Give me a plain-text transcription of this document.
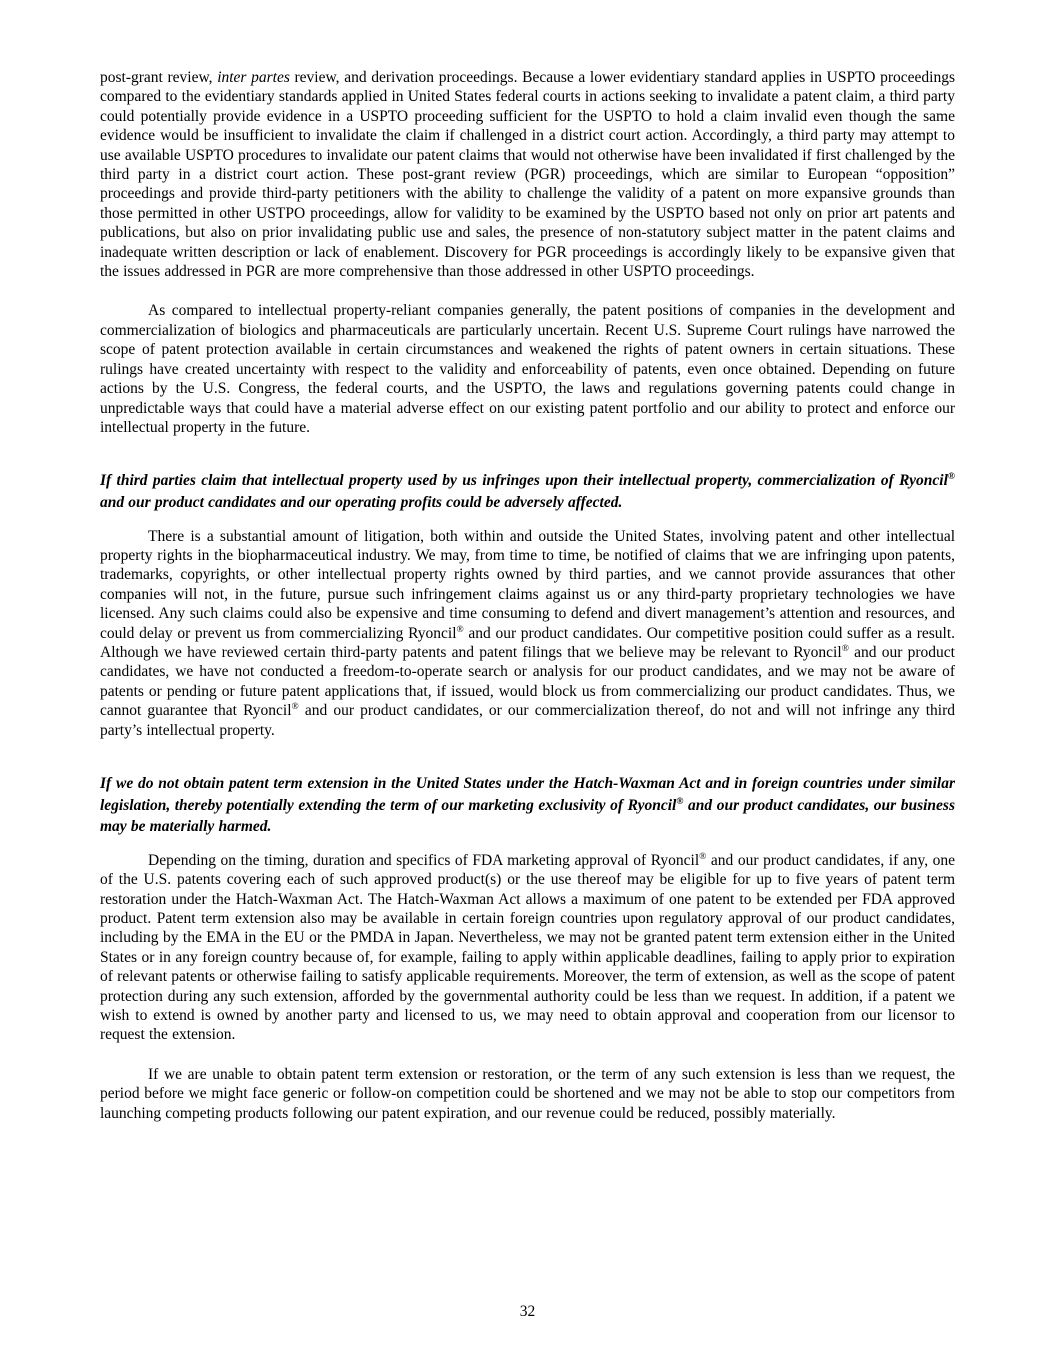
post-grant review, inter partes review, and derivation proceedings. Because a lower evidentiary standard applies in USPTO proceedings compared to the evidentiary standards applied in United States federal courts in actions seeking to invalidate a patent claim, a third party could potentially provide evidence in a USPTO proceeding sufficient for the USPTO to hold a claim invalid even though the same evidence would be insufficient to invalidate the claim if challenged in a district court action. Accordingly, a third party may attempt to use available USPTO procedures to invalidate our patent claims that would not otherwise have been invalidated if first challenged by the third party in a district court action. These post-grant review (PGR) proceedings, which are similar to European “opposition” proceedings and provide third-party petitioners with the ability to challenge the validity of a patent on more expansive grounds than those permitted in other USTPO proceedings, allow for validity to be examined by the USPTO based not only on prior art patents and publications, but also on prior invalidating public use and sales, the presence of non-statutory subject matter in the patent claims and inadequate written description or lack of enablement. Discovery for PGR proceedings is accordingly likely to be expansive given that the issues addressed in PGR are more comprehensive than those addressed in other USPTO proceedings.

As compared to intellectual property-reliant companies generally, the patent positions of companies in the development and commercialization of biologics and pharmaceuticals are particularly uncertain. Recent U.S. Supreme Court rulings have narrowed the scope of patent protection available in certain circumstances and weakened the rights of patent owners in certain situations. These rulings have created uncertainty with respect to the validity and enforceability of patents, even once obtained. Depending on future actions by the U.S. Congress, the federal courts, and the USPTO, the laws and regulations governing patents could change in unpredictable ways that could have a material adverse effect on our existing patent portfolio and our ability to protect and enforce our intellectual property in the future.

If third parties claim that intellectual property used by us infringes upon their intellectual property, commercialization of Ryoncil® and our product candidates and our operating profits could be adversely affected.

There is a substantial amount of litigation, both within and outside the United States, involving patent and other intellectual property rights in the biopharmaceutical industry. We may, from time to time, be notified of claims that we are infringing upon patents, trademarks, copyrights, or other intellectual property rights owned by third parties, and we cannot provide assurances that other companies will not, in the future, pursue such infringement claims against us or any third-party proprietary technologies we have licensed. Any such claims could also be expensive and time consuming to defend and divert management’s attention and resources, and could delay or prevent us from commercializing Ryoncil® and our product candidates. Our competitive position could suffer as a result. Although we have reviewed certain third-party patents and patent filings that we believe may be relevant to Ryoncil® and our product candidates, we have not conducted a freedom-to-operate search or analysis for our product candidates, and we may not be aware of patents or pending or future patent applications that, if issued, would block us from commercializing our product candidates. Thus, we cannot guarantee that Ryoncil® and our product candidates, or our commercialization thereof, do not and will not infringe any third party’s intellectual property.

If we do not obtain patent term extension in the United States under the Hatch-Waxman Act and in foreign countries under similar legislation, thereby potentially extending the term of our marketing exclusivity of Ryoncil® and our product candidates, our business may be materially harmed.

Depending on the timing, duration and specifics of FDA marketing approval of Ryoncil® and our product candidates, if any, one of the U.S. patents covering each of such approved product(s) or the use thereof may be eligible for up to five years of patent term restoration under the Hatch-Waxman Act. The Hatch-Waxman Act allows a maximum of one patent to be extended per FDA approved product. Patent term extension also may be available in certain foreign countries upon regulatory approval of our product candidates, including by the EMA in the EU or the PMDA in Japan. Nevertheless, we may not be granted patent term extension either in the United States or in any foreign country because of, for example, failing to apply within applicable deadlines, failing to apply prior to expiration of relevant patents or otherwise failing to satisfy applicable requirements. Moreover, the term of extension, as well as the scope of patent protection during any such extension, afforded by the governmental authority could be less than we request. In addition, if a patent we wish to extend is owned by another party and licensed to us, we may need to obtain approval and cooperation from our licensor to request the extension.

If we are unable to obtain patent term extension or restoration, or the term of any such extension is less than we request, the period before we might face generic or follow-on competition could be shortened and we may not be able to stop our competitors from launching competing products following our patent expiration, and our revenue could be reduced, possibly materially.

32
